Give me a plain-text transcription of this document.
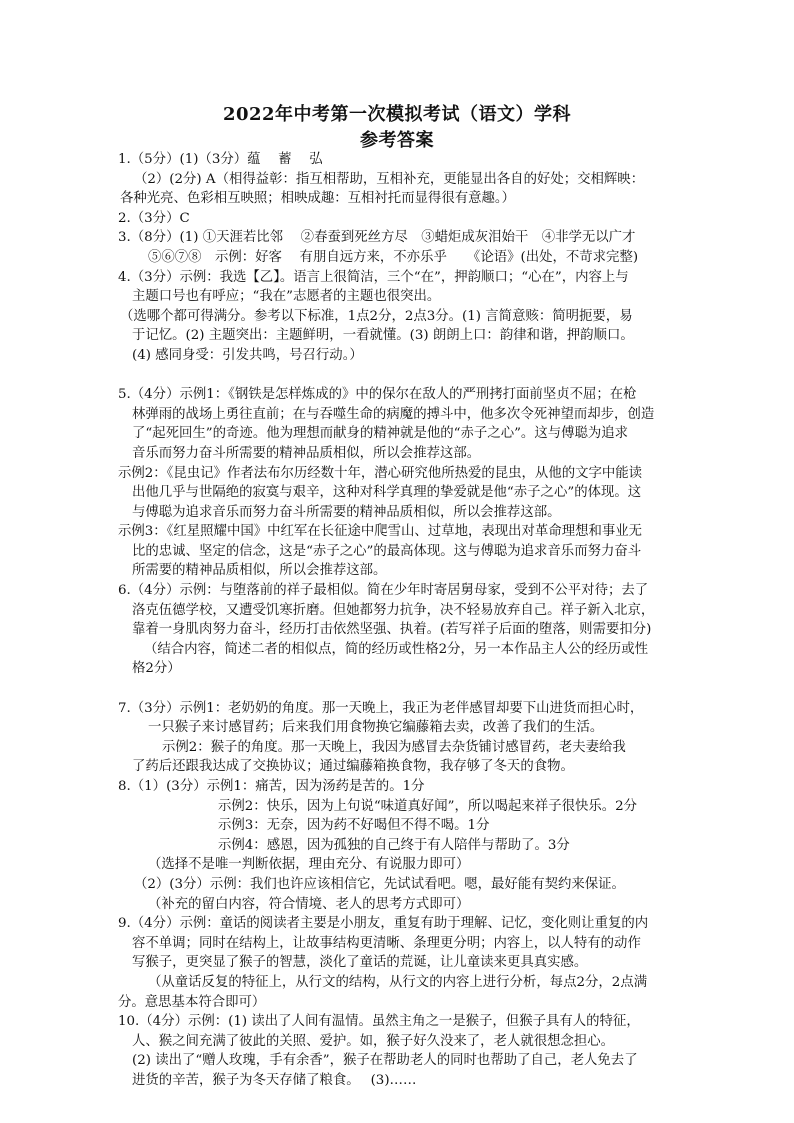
2022年中考第一次模拟考试（语文）学科
参考答案
1.（5分）(1)（3分）蕴　 蓄　 弘
（2）(2分) A（相得益彰：指互相帮助，互相补充，更能显出各自的好处；交相辉映：
各种光亮、色彩相互映照；相映成趣：互相衬托而显得很有意趣。）
2.（3分）C
3.（8分）(1) ①天涯若比邻　 ②春蚕到死丝方尽　③蜡炬成灰泪始干　④非学无以广才
⑤⑥⑦⑧　示例：好客　 有朋自远方来，不亦乐乎　　《论语》(出处，不苛求完整)
4.（3分）示例：我选【乙】。语言上很简洁，三个“在”，押韵顺口；“心在”，内容上与
主题口号也有呼应；“我在”志愿者的主题也很突出。
（选哪个都可得满分。参考以下标准，1点2分，2点3分。(1) 言简意赅：简明扼要，易
于记忆。(2) 主题突出：主题鲜明，一看就懂。(3) 朗朗上口：韵律和谐，押韵顺口。
(4) 感同身受：引发共鸣，号召行动。）
5.（4分）示例1：《钢铁是怎样炼成的》中的保尔在敌人的严刑拷打面前坚贞不屈；在枪
林弹雨的战场上勇往直前；在与吞噬生命的病魔的搏斗中，他多次令死神望而却步，创造
了“起死回生”的奇迹。他为理想而献身的精神就是他的“赤子之心”。这与傅聪为追求
音乐而努力奋斗所需要的精神品质相似，所以会推荐这部。
示例2：《昆虫记》作者法布尔历经数十年，潜心研究他所热爱的昆虫，从他的文字中能读
出他几乎与世隔绝的寂寞与艰辛，这种对科学真理的挚爱就是他“赤子之心”的体现。这
与傅聪为追求音乐而努力奋斗所需要的精神品质相似，所以会推荐这部。
示例3：《红星照耀中国》中红军在长征途中爬雪山、过草地，表现出对革命理想和事业无
比的忠诚、坚定的信念，这是“赤子之心”的最高体现。这与傅聪为追求音乐而努力奋斗
所需要的精神品质相似，所以会推荐这部。
6.（4分）示例：与堕落前的祥子最相似。简在少年时寄居舅母家，受到不公平对待；去了
洛克伍德学校，又遭受饥寒折磨。但她都努力抗争，决不轻易放弃自己。祥子新入北京，
靠着一身肌肉努力奋斗，经历打击依然坚强、执着。(若写祥子后面的堕落，则需要扣分)
（结合内容，简述二者的相似点，简的经历或性格2分，另一本作品主人公的经历或性
格2分）
7.（3分）示例1：老奶奶的角度。那一天晚上，我正为老伴感冒却要下山进货而担心时，
一只猴子来讨感冒药；后来我们用食物换它编藤箱去卖，改善了我们的生活。
示例2：猴子的角度。那一天晚上，我因为感冒去杂货铺讨感冒药，老夫妻给我
了药后还跟我达成了交换协议；通过编藤箱换食物，我存够了冬天的食物。
8.（1）(3分）示例1：痛苦，因为汤药是苦的。1分
示例2：快乐，因为上句说“味道真好闻”，所以喝起来祥子很快乐。2分
示例3：无奈，因为药不好喝但不得不喝。1分
示例4：感恩，因为孤独的自己终于有人陪伴与帮助了。3分
（选择不是唯一判断依据，理由充分、有说服力即可）
（2）(3分）示例：我们也许应该相信它，先试试看吧。嗯，最好能有契约来保证。
（补充的留白内容，符合情境、老人的思考方式即可）
9.（4分）示例：童话的阅读者主要是小朋友，重复有助于理解、记忆，变化则让重复的内
容不单调；同时在结构上，让故事结构更清晰、条理更分明；内容上，以人特有的动作
写猴子，更突显了猴子的智慧，淡化了童话的荒诞，让儿童读来更具真实感。
（从童话反复的特征上，从行文的结构，从行文的内容上进行分析，每点2分，2点满
分。意思基本符合即可）
10.（4分）示例：(1) 读出了人间有温情。虽然主角之一是猴子，但猴子具有人的特征，
人、猴之间充满了彼此的关照、爱护。如，猴子好久没来了，老人就很想念担心。
(2) 读出了“赠人玫瑰，手有余香”，猴子在帮助老人的同时也帮助了自己，老人免去了
进货的辛苦，猴子为冬天存储了粮食。　 (3)……
